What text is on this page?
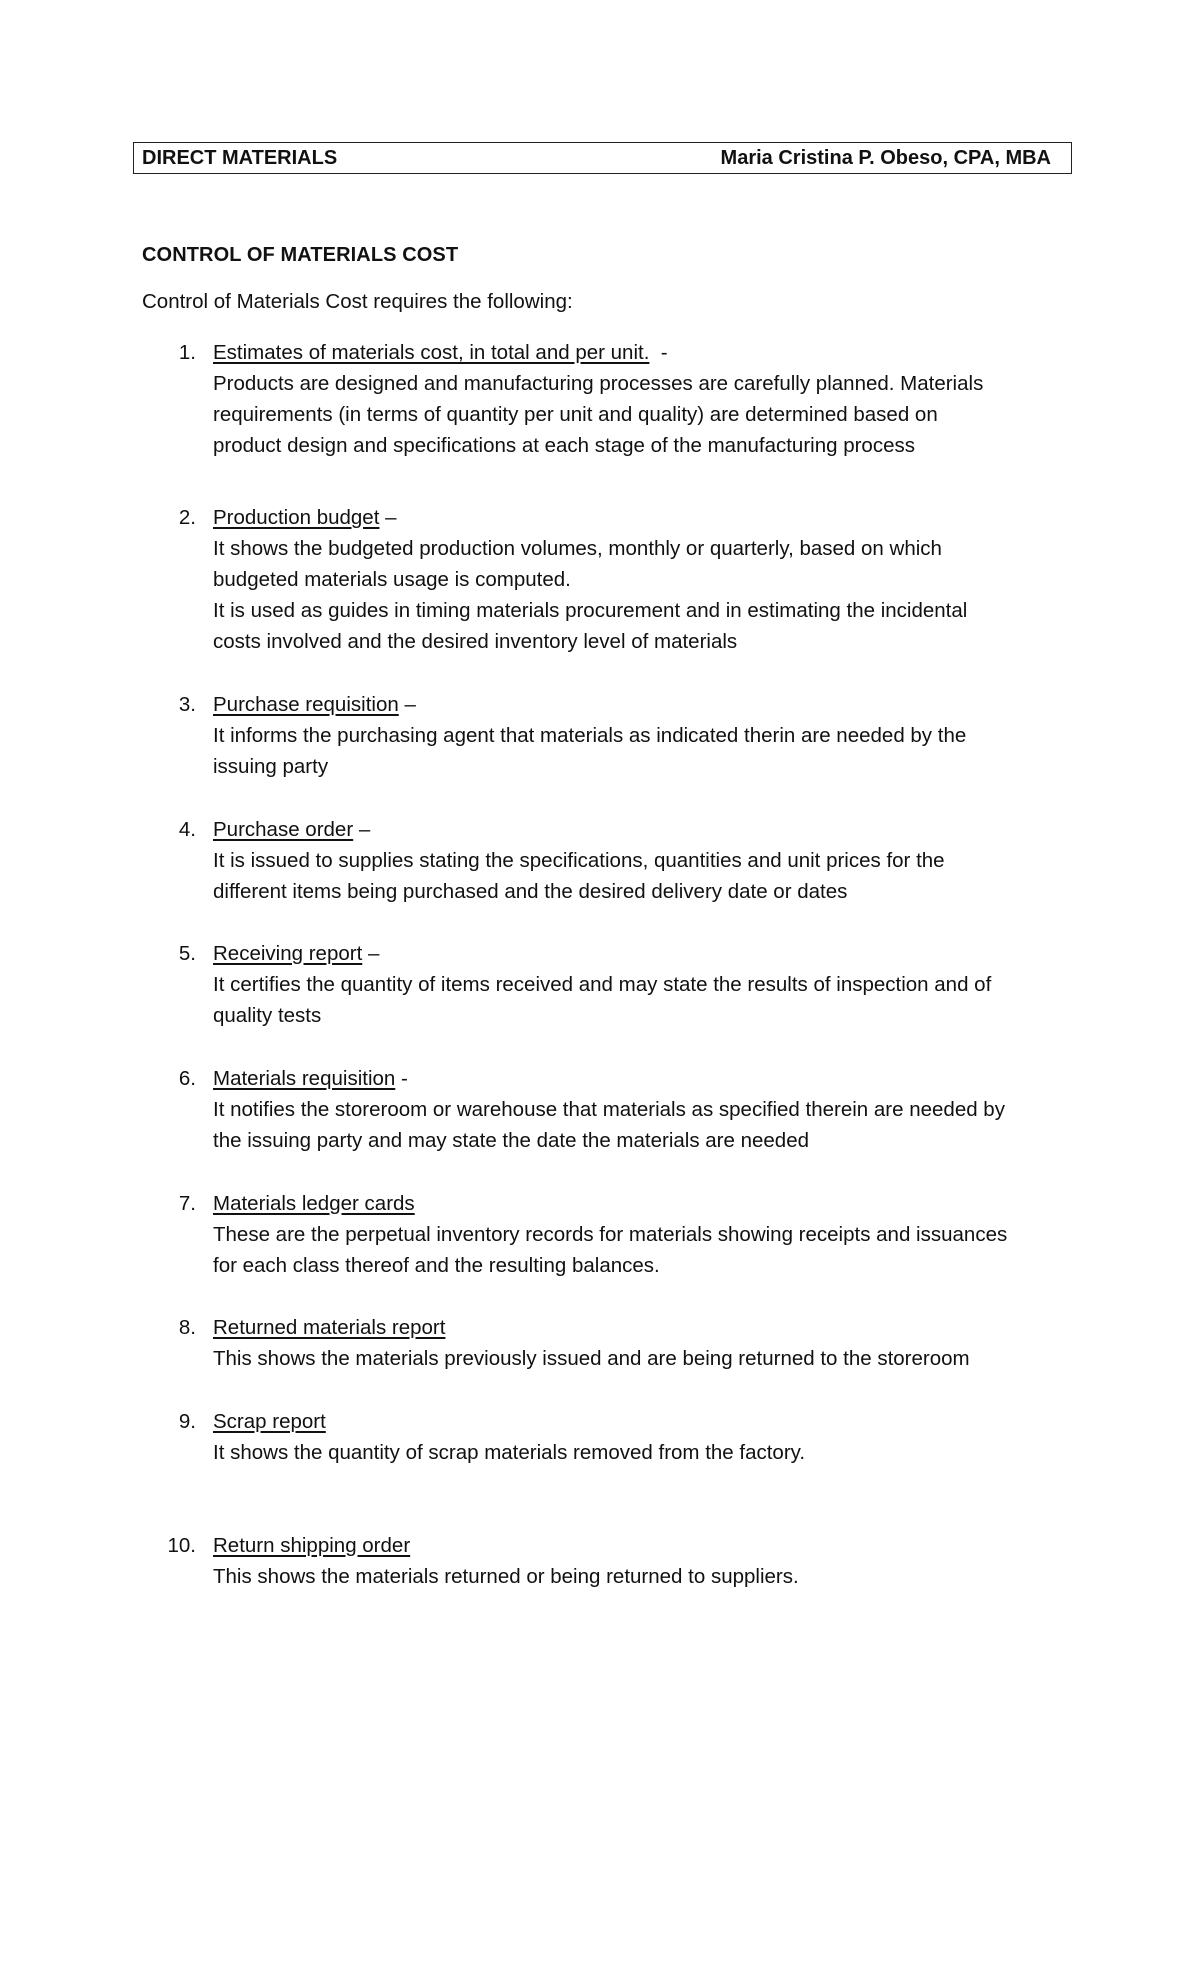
DIRECT MATERIALS	Maria Cristina P. Obeso, CPA, MBA
CONTROL OF MATERIALS COST
Control of Materials Cost requires the following:
1. Estimates of materials cost, in total and per unit.  -
Products are designed and manufacturing processes are carefully planned. Materials
requirements (in terms of quantity per unit and quality) are determined based on
product design and specifications at each stage of the manufacturing process
2. Production budget –
It shows the budgeted production volumes, monthly or quarterly, based on which
budgeted materials usage is computed.
It is used as guides in timing materials procurement and in estimating the incidental
costs involved and the desired inventory level of materials
3. Purchase requisition –
It informs the purchasing agent that materials as indicated therin are needed by the
issuing party
4. Purchase order –
It is issued to supplies stating the specifications, quantities and unit prices for the
different items being purchased and the desired delivery date or dates
5. Receiving report –
It certifies the quantity of items received and may state the results of inspection and of
quality tests
6. Materials requisition -
It notifies the storeroom or warehouse that materials as specified therein are needed by
the issuing party and may state the date the materials are needed
7. Materials ledger cards
These are the perpetual inventory records for materials showing receipts and issuances
for each class thereof and the resulting balances.
8. Returned materials report
This shows the materials previously issued and are being returned to the storeroom
9. Scrap report
It shows the quantity of scrap materials removed from the factory.
10. Return shipping order
This shows the materials returned or being returned to suppliers.
